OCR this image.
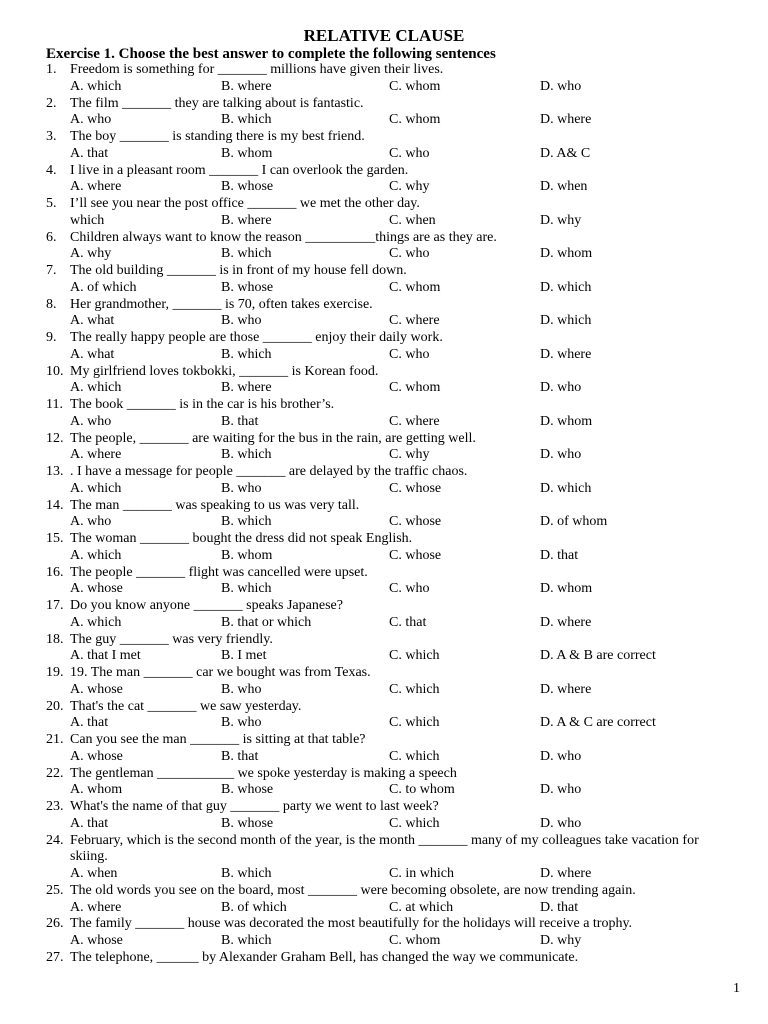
RELATIVE CLAUSE
Exercise 1. Choose the best answer to complete the following sentences
1. Freedom is something for _______ millions have given their lives.
A. which	B. where	C. whom	D. who
2. The film _______ they are talking about is fantastic.
A. who	B. which	C. whom	D. where
3. The boy _______ is standing there is my best friend.
A. that	B. whom	C. who	D. A& C
4. I live in a pleasant room _______ I can overlook the garden.
A. where	B. whose	C. why	D. when
5. I’ll see you near the post office _______ we met the other day.
which	B. where	C. when	D. why
6. Children always want to know the reason __________things are as they are.
A. why	B. which	C. who	D. whom
7. The old building _______ is in front of my house fell down.
A. of which	B. whose	C. whom	D. which
8. Her grandmother, _______ is 70, often takes exercise.
A. what	B. who	C. where	D. which
9. The really happy people are those _______ enjoy their daily work.
A. what	B. which	C. who	D. where
10. My girlfriend loves tokbokki, _______ is Korean food.
A. which	B. where	C. whom	D. who
11. The book _______ is in the car is his brother’s.
A. who	B. that	C. where	D. whom
12. The people, _______ are waiting for the bus in the rain, are getting well.
A. where	B. which	C. why	D. who
13. . I have a message for people _______ are delayed by the traffic chaos.
A. which	B. who	C. whose	D. which
14. The man _______ was speaking to us was very tall.
A. who	B. which	C. whose	D. of whom
15. The woman _______ bought the dress did not speak English.
A. which	B. whom	C. whose	D. that
16. The people _______ flight was cancelled were upset.
A. whose	B. which	C. who	D. whom
17. Do you know anyone _______ speaks Japanese?
A. which	B. that or which	C. that	D. where
18. The guy _______ was very friendly.
A. that I met	B. I met	C. which	D. A & B are correct
19. 19. The man _______ car we bought was from Texas.
A. whose	B. who	C. which	D. where
20. That's the cat _______ we saw yesterday.
A. that	B. who	C. which	D. A & C are correct
21. Can you see the man _______ is sitting at that table?
A. whose	B. that	C. which	D. who
22. The gentleman ___________ we spoke yesterday is making a speech
A. whom	B. whose	C. to whom	D. who
23. What's the name of that guy _______ party we went to last week?
A. that	B. whose	C. which	D. who
24. February, which is the second month of the year, is the month _______ many of my colleagues take vacation for skiing.
A. when	B. which	C. in which	D. where
25. The old words you see on the board, most _______ were becoming obsolete, are now trending again.
A. where	B. of which	C. at which	D. that
26. The family _______ house was decorated the most beautifully for the holidays will receive a trophy.
A. whose	B. which	C. whom	D. why
27. The telephone, ______ by Alexander Graham Bell, has changed the way we communicate.
1
